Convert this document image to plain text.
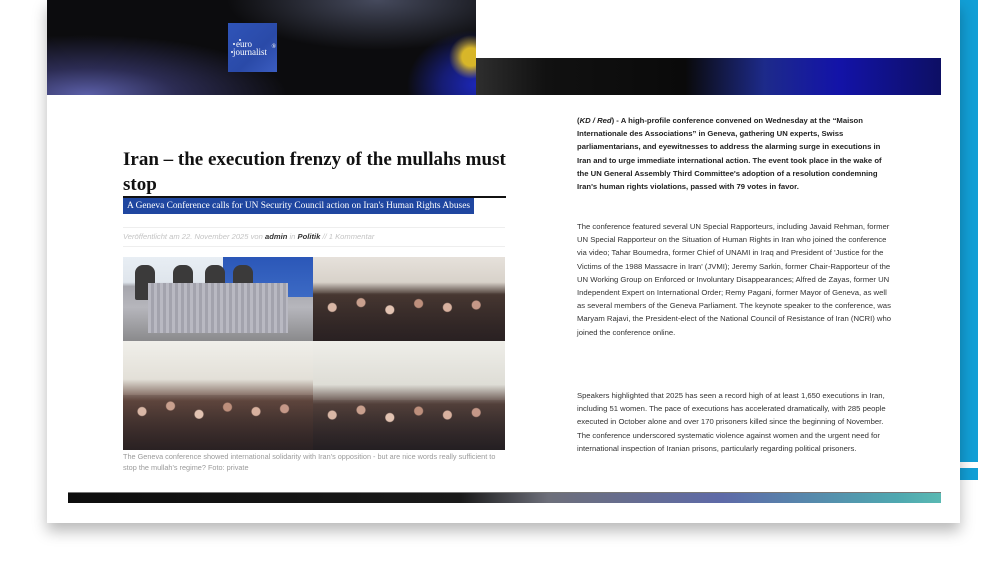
euro
journalist ®
Iran – the execution frenzy of the mullahs must stop
A Geneva Conference calls for UN Security Council action on Iran's Human Rights Abuses
Veröffentlicht am 22. November 2025 von admin in Politik // 1 Kommentar
The Geneva conference showed international solidarity with Iran's opposition - but are nice words really sufficient to stop the mullah's regime? Foto: private

(KD / Red) - A high-profile conference convened on Wednesday at the “Maison Internationale des Associations” in Geneva, gathering UN experts, Swiss parliamentarians, and eyewitnesses to address the alarming surge in executions in Iran and to urge immediate international action. The event took place in the wake of the UN General Assembly Third Committee's adoption of a resolution condemning Iran's human rights violations, passed with 79 votes in favor.

The conference featured several UN Special Rapporteurs, including Javaid Rehman, former UN Special Rapporteur on the Situation of Human Rights in Iran who joined the conference via video; Tahar Boumedra, former Chief of UNAMI in Iraq and President of 'Justice for the Victims of the 1988 Massacre in Iran' (JVMI); Jeremy Sarkin, former Chair-Rapporteur of the UN Working Group on Enforced or Involuntary Disappearances; Alfred de Zayas, former UN Independent Expert on International Order; Remy Pagani, former Mayor of Geneva, as well as several members of the Geneva Parliament. The keynote speaker to the conference, was Maryam Rajavi, the President-elect of the National Council of Resistance of Iran (NCRI) who joined the conference online.

Speakers highlighted that 2025 has seen a record high of at least 1,650 executions in Iran, including 51 women. The pace of executions has accelerated dramatically, with 285 people executed in October alone and over 170 prisoners killed since the beginning of November. The conference underscored systematic violence against women and the urgent need for international inspection of Iranian prisons, particularly regarding political prisoners.
